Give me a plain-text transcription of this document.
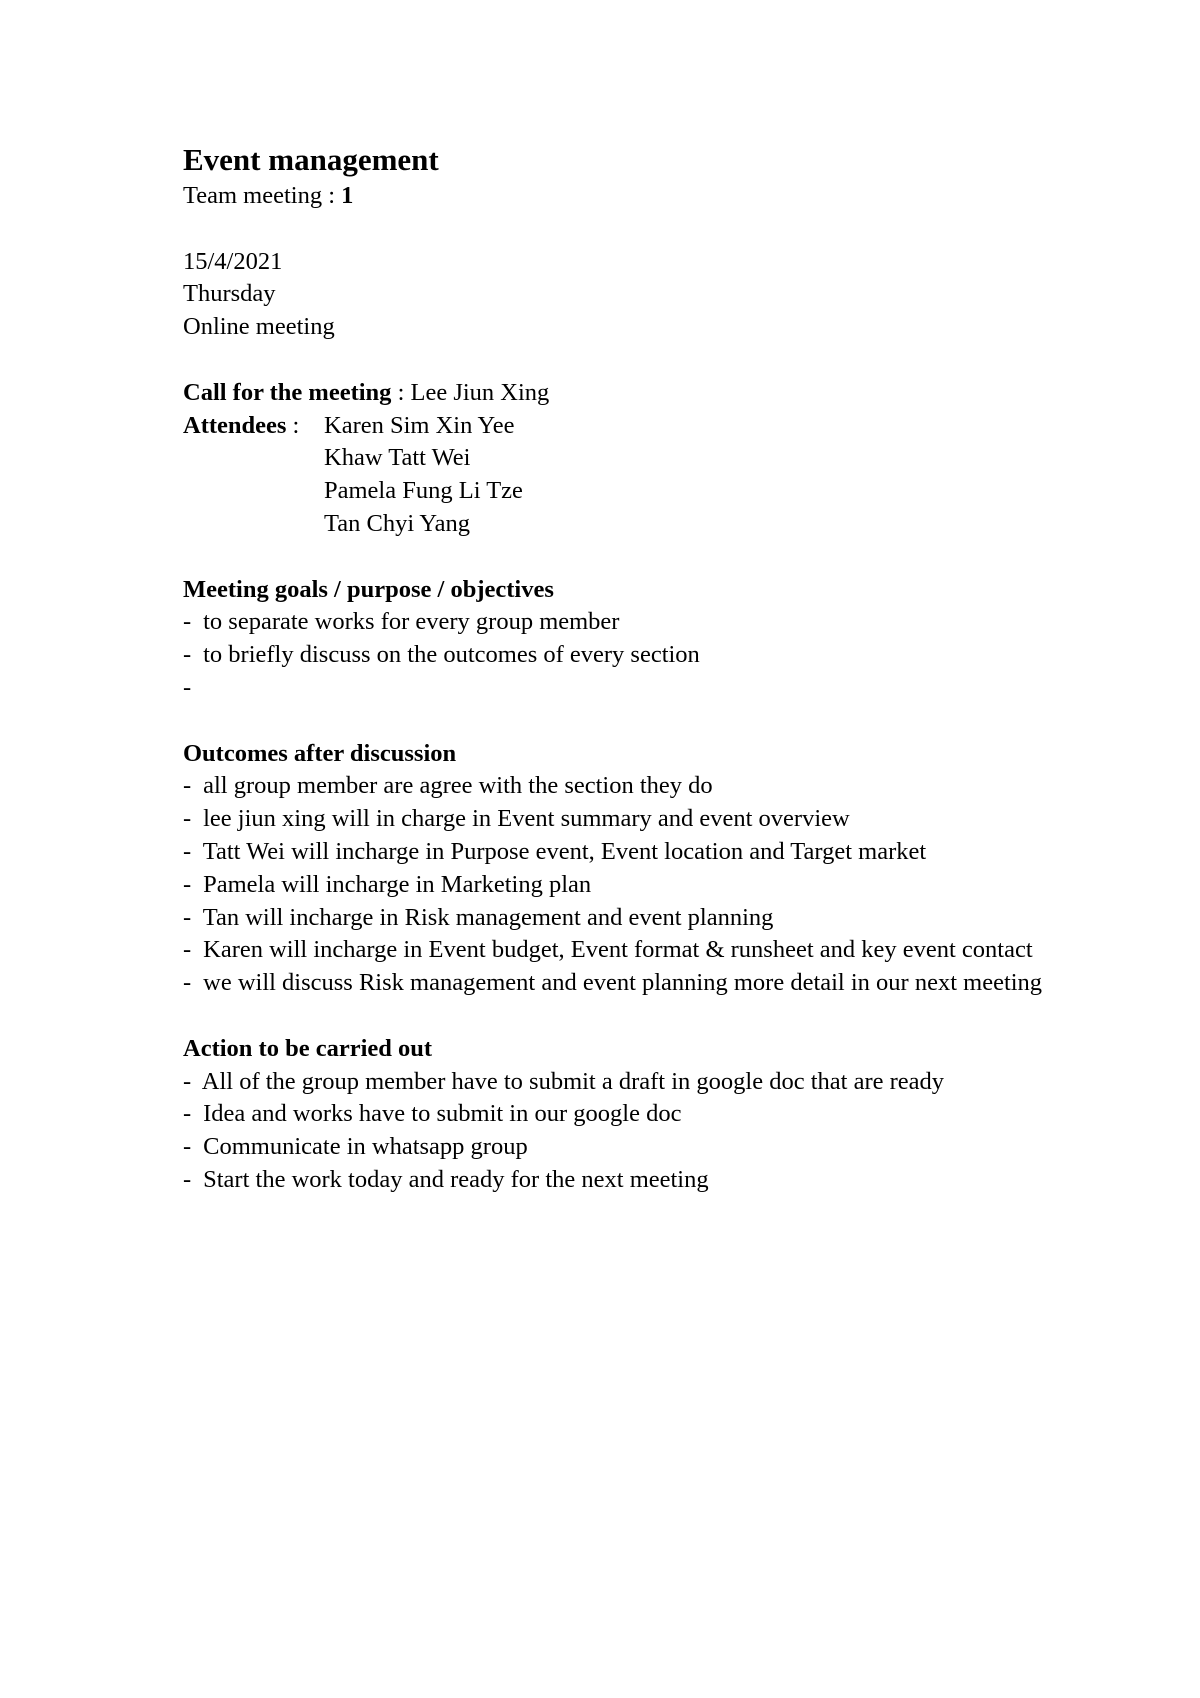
Event management

Team meeting : 1

15/4/2021

Thursday

Online meeting

Call for the meeting : Lee Jiun Xing

Attendees :	Karen Sim Xin Yee
Khaw Tatt Wei
Pamela Fung Li Tze
Tan Chyi Yang

Meeting goals / purpose / objectives

- to separate works for every group member
- to briefly discuss on the outcomes of every section
-

Outcomes after discussion

- all group member are agree with the section they do
- lee jiun xing will in charge in Event summary and event overview
- Tatt Wei will incharge in Purpose event, Event location and Target market
- Pamela will incharge in Marketing plan
- Tan will incharge in Risk management and event planning
- Karen will incharge in Event budget, Event format & runsheet and key event contact
- we will discuss Risk management and event planning more detail in our next meeting

Action to be carried out

- All of the group member have to submit a draft in google doc that are ready
- Idea and works have to submit in our google doc
- Communicate in whatsapp group
- Start the work today and ready for the next meeting
